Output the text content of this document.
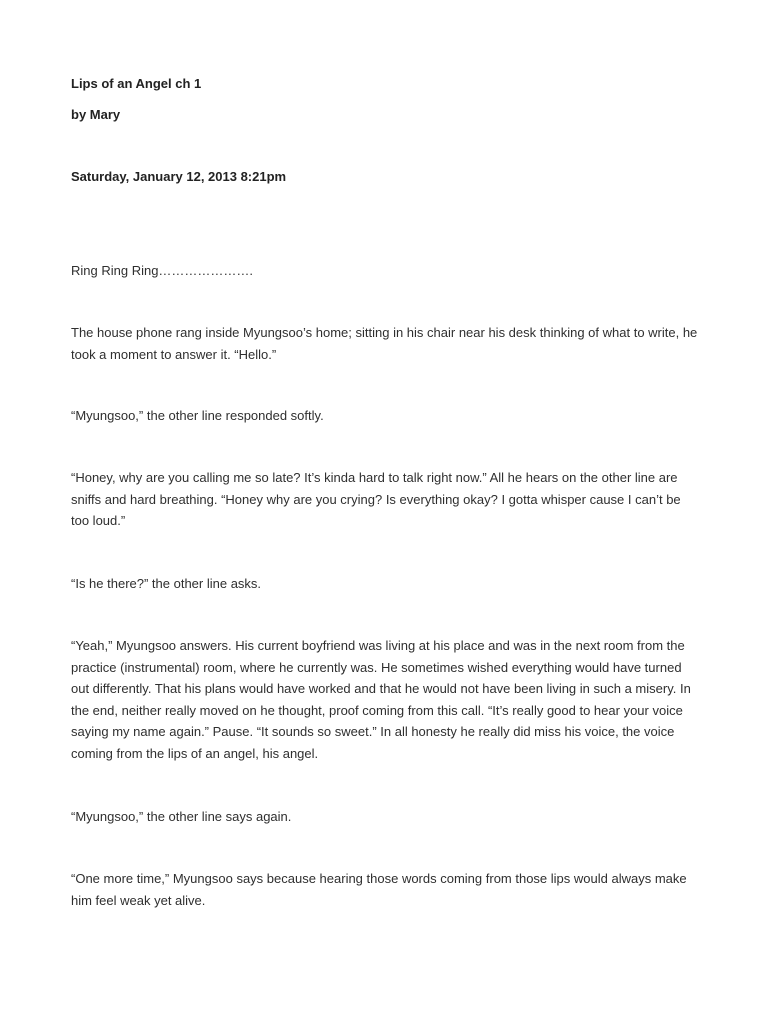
Lips of an Angel ch 1
by Mary
Saturday, January 12, 2013 8:21pm
Ring Ring Ring………………….
The house phone rang inside Myungsoo’s home; sitting in his chair near his desk thinking of what to write, he took a moment to answer it. “Hello.”
“Myungsoo,” the other line responded softly.
“Honey, why are you calling me so late? It’s kinda hard to talk right now.” All he hears on the other line are sniffs and hard breathing. “Honey why are you crying? Is everything okay? I gotta whisper cause I can’t be too loud.”
“Is he there?” the other line asks.
“Yeah,” Myungsoo answers. His current boyfriend was living at his place and was in the next room from the practice (instrumental) room, where he currently was. He sometimes wished everything would have turned out differently. That his plans would have worked and that he would not have been living in such a misery. In the end, neither really moved on he thought, proof coming from this call. “It’s really good to hear your voice saying my name again.” Pause. “It sounds so sweet.” In all honesty he really did miss his voice, the voice coming from the lips of an angel, his angel.
“Myungsoo,” the other line says again.
“One more time,” Myungsoo says because hearing those words coming from those lips would always make him feel weak yet alive.
